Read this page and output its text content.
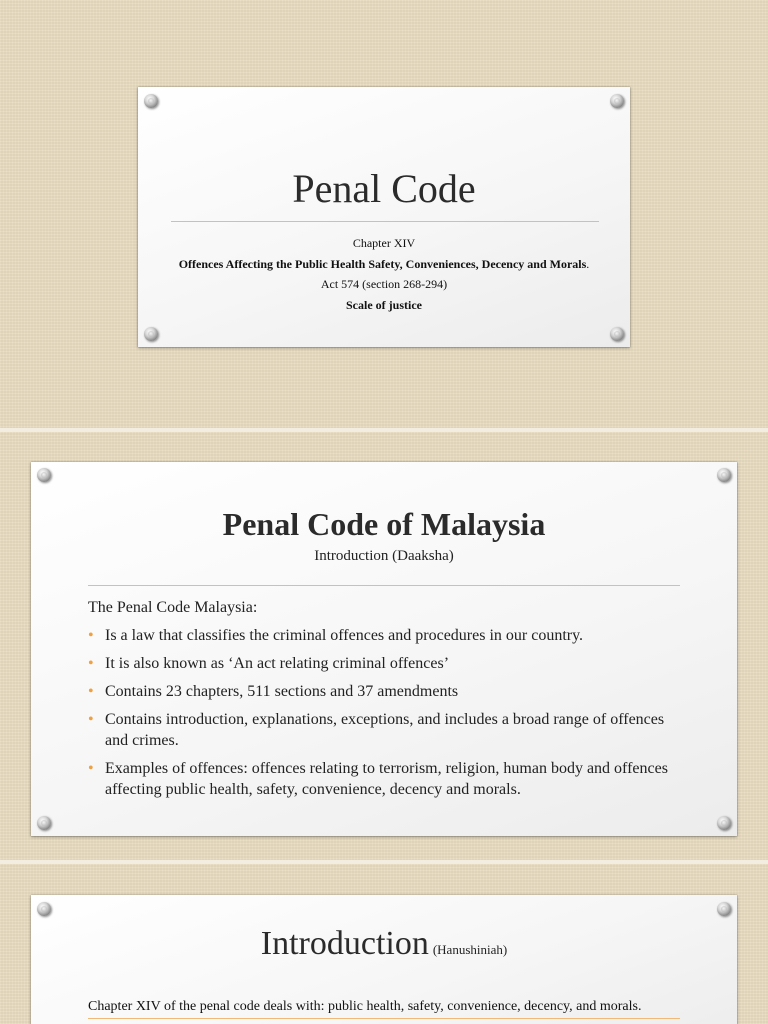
Penal Code
Chapter XIV
Offences Affecting the Public Health Safety, Conveniences, Decency and Morals.
Act 574 (section 268-294)
Scale of justice
Penal Code of Malaysia
Introduction (Daaksha)

The Penal Code Malaysia:

• Is a law that classifies the criminal offences and procedures in our country.
• It is also known as ‘An act relating criminal offences’
• Contains 23 chapters, 511 sections and 37 amendments
• Contains introduction, explanations, exceptions, and includes a broad range of offences and crimes.
• Examples of offences: offences relating to terrorism, religion, human body and offences affecting public health, safety, convenience, decency and morals.
Introduction (Hanushiniah)
Chapter XIV of the penal code deals with: public health, safety, convenience, decency, and morals.
